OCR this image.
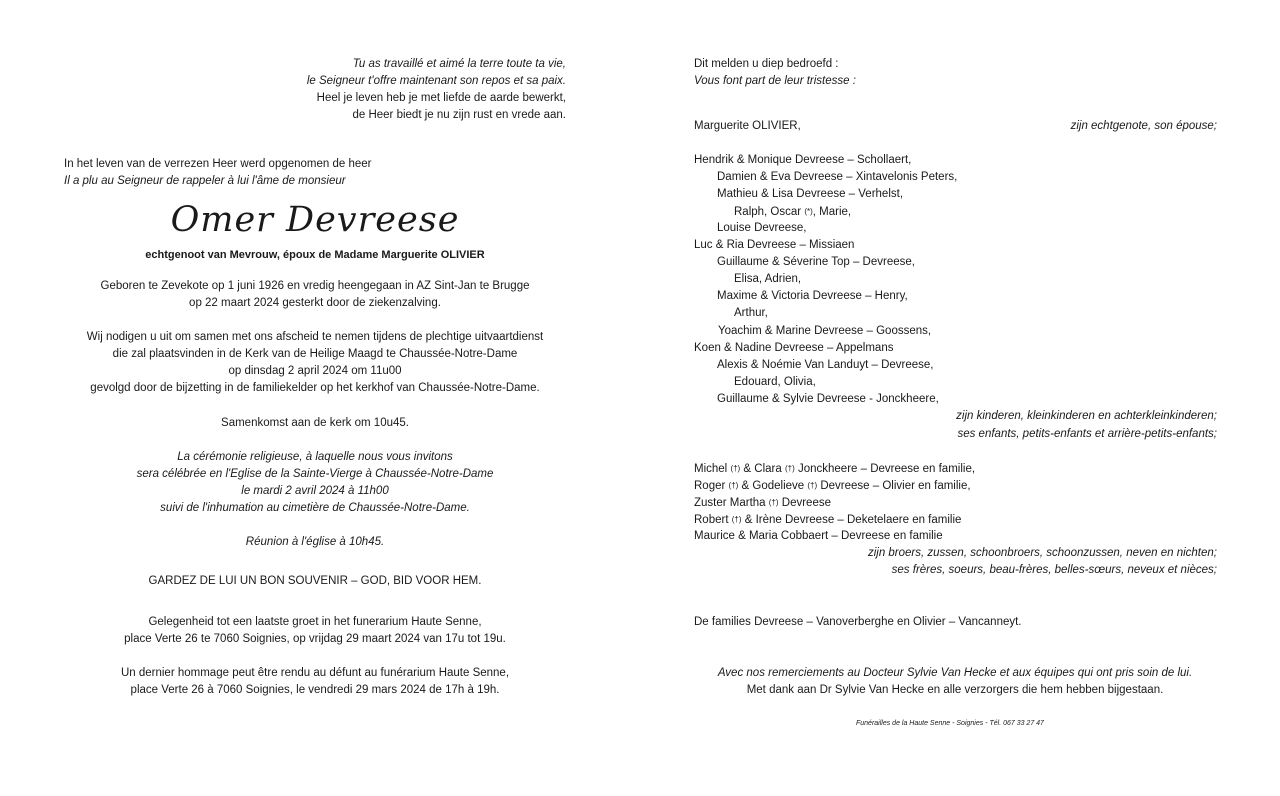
Tu as travaillé et aimé la terre toute ta vie,
le Seigneur t'offre maintenant son repos et sa paix.
Heel je leven heb je met liefde de aarde bewerkt,
de Heer biedt je nu zijn rust en vrede aan.
In het leven van de verrezen Heer werd opgenomen de heer
Il a plu au Seigneur de rappeler à lui l'âme de monsieur
Omer Devreese
echtgenoot van Mevrouw, époux de Madame Marguerite OLIVIER
Geboren te Zevekote op 1 juni 1926 en vredig heengegaan in AZ Sint-Jan te Brugge
op 22 maart 2024 gesterkt door de ziekenzalving.
Wij nodigen u uit om samen met ons afscheid te nemen tijdens de plechtige uitvaartdienst
die zal plaatsvinden in de Kerk van de Heilige Maagd te Chaussée-Notre-Dame
op dinsdag 2 april 2024 om 11u00
gevolgd door de bijzetting in de familiekelder op het kerkhof van Chaussée-Notre-Dame.
Samenkomst aan de kerk om 10u45.
La cérémonie religieuse, à laquelle nous vous invitons
sera célébrée en l'Eglise de la Sainte-Vierge à Chaussée-Notre-Dame
le mardi 2 avril 2024 à 11h00
suivi de l'inhumation au cimetière de Chaussée-Notre-Dame.
Réunion à l'église à 10h45.
GARDEZ DE LUI UN BON SOUVENIR – GOD, BID VOOR HEM.
Gelegenheid tot een laatste groet in het funerarium Haute Senne,
place Verte 26 te 7060 Soignies, op vrijdag 29 maart 2024 van 17u tot 19u.
Un dernier hommage peut être rendu au défunt au funérarium Haute Senne,
place Verte 26 à 7060 Soignies, le vendredi 29 mars 2024 de 17h à 19h.
Dit melden u diep bedroefd :
Vous font part de leur tristesse :
Marguerite OLIVIER,	zijn echtgenote, son épouse;
Hendrik & Monique Devreese – Schollaert,
Damien & Eva Devreese – Xintavelonis Peters,
Mathieu & Lisa Devreese – Verhelst,
Ralph, Oscar (*), Marie,
Louise Devreese,
Luc & Ria Devreese – Missiaen
Guillaume & Séverine Top – Devreese,
Elisa, Adrien,
Maxime & Victoria Devreese – Henry,
Arthur,
Yoachim & Marine Devreese – Goossens,
Koen & Nadine Devreese – Appelmans
Alexis & Noémie Van Landuyt – Devreese,
Edouard, Olivia,
Guillaume & Sylvie Devreese - Jonckheere,
zijn kinderen, kleinkinderen en achterkleinkinderen;
ses enfants, petits-enfants et arrière-petits-enfants;
Michel (†) & Clara (†) Jonckheere – Devreese en familie,
Roger (†) & Godelieve (†) Devreese – Olivier en familie,
Zuster Martha (†) Devreese
Robert (†) & Irène Devreese – Deketelaere en familie
Maurice & Maria Cobbaert – Devreese en familie
zijn broers, zussen, schoonbroers, schoonzussen, neven en nichten;
ses frères, soeurs, beau-frères, belles-sœurs, neveux et nièces;
De families Devreese – Vanoverberghe en Olivier – Vancanneyt.
Avec nos remerciements au Docteur Sylvie Van Hecke et aux équipes qui ont pris soin de lui.
Met dank aan Dr Sylvie Van Hecke en alle verzorgers die hem hebben bijgestaan.
Funérailles de la Haute Senne - Soignies - Tél. 067 33 27 47
